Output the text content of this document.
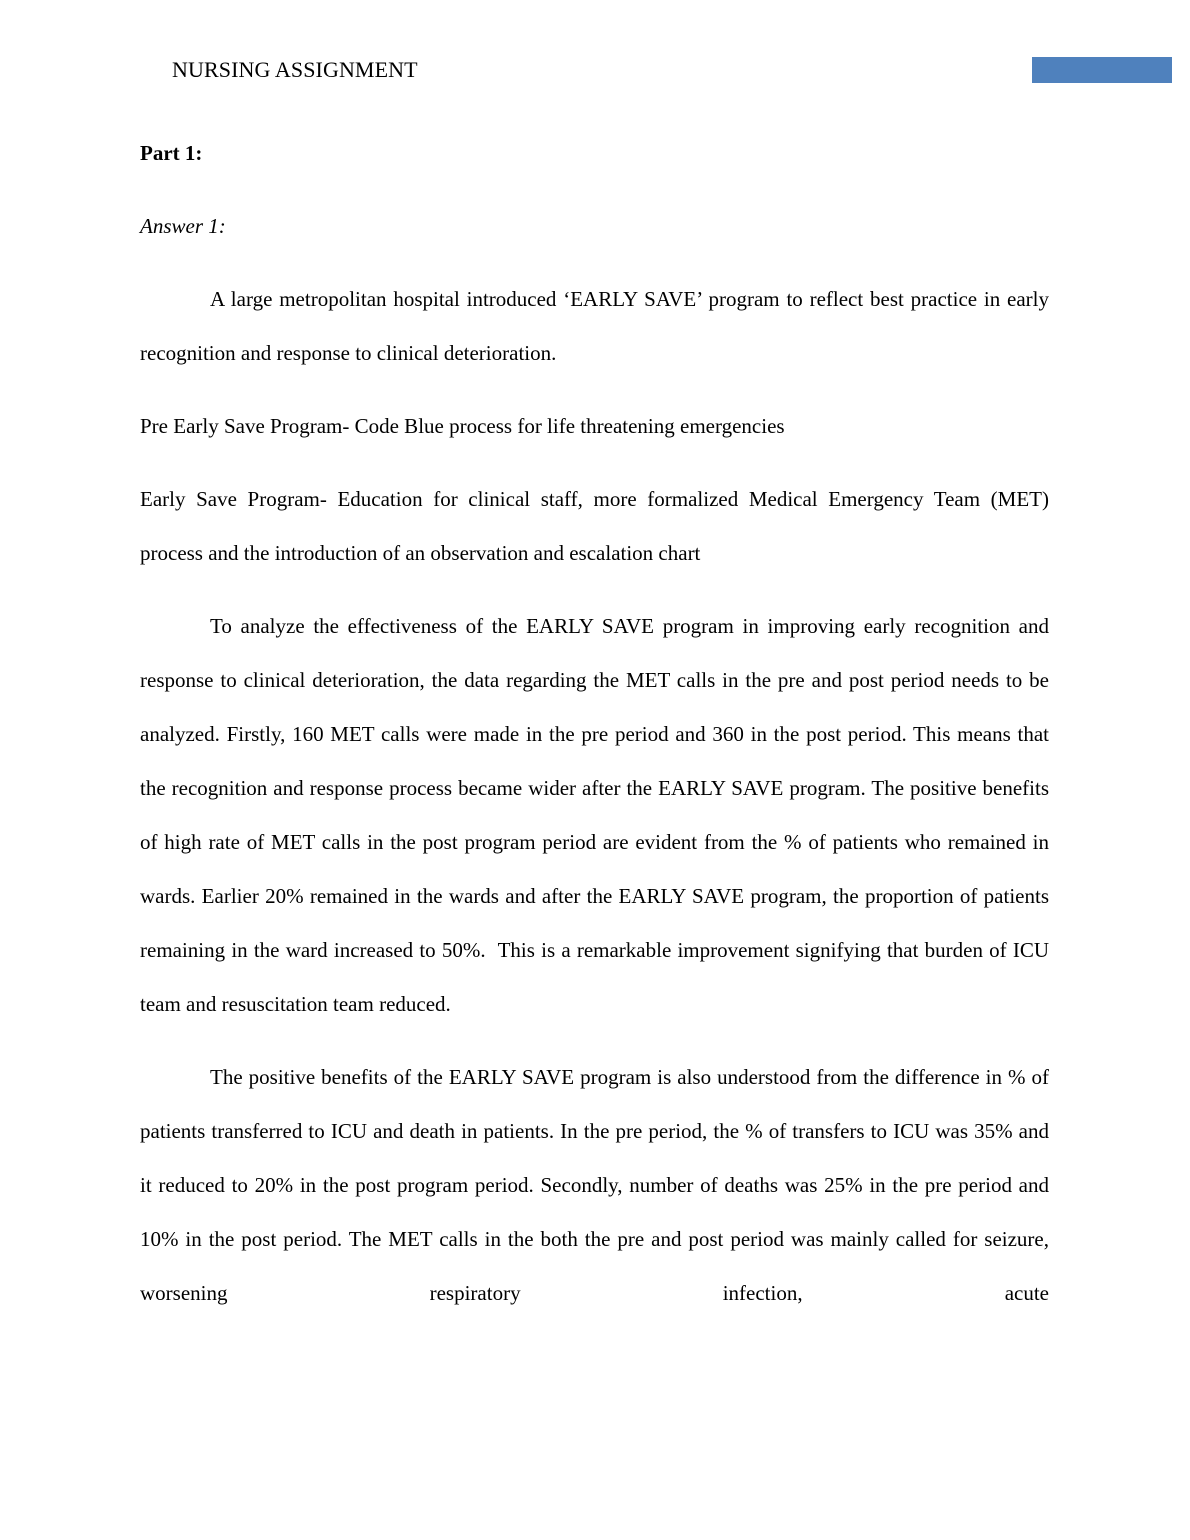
NURSING ASSIGNMENT
Part 1:
Answer 1:

A large metropolitan hospital introduced ‘EARLY SAVE’ program to reflect best practice in early recognition and response to clinical deterioration.

Pre Early Save Program- Code Blue process for life threatening emergencies

Early Save Program- Education for clinical staff, more formalized Medical Emergency Team (MET) process and the introduction of an observation and escalation chart

To analyze the effectiveness of the EARLY SAVE program in improving early recognition and response to clinical deterioration, the data regarding the MET calls in the pre and post period needs to be analyzed. Firstly, 160 MET calls were made in the pre period and 360 in the post period. This means that the recognition and response process became wider after the EARLY SAVE program. The positive benefits of high rate of MET calls in the post program period are evident from the % of patients who remained in wards. Earlier 20% remained in the wards and after the EARLY SAVE program, the proportion of patients remaining in the ward increased to 50%.  This is a remarkable improvement signifying that burden of ICU team and resuscitation team reduced.

The positive benefits of the EARLY SAVE program is also understood from the difference in % of patients transferred to ICU and death in patients. In the pre period, the % of transfers to ICU was 35% and it reduced to 20% in the post program period. Secondly, number of deaths was 25% in the pre period and 10% in the post period. The MET calls in the both the pre and post period was mainly called for seizure, worsening respiratory infection, acute
